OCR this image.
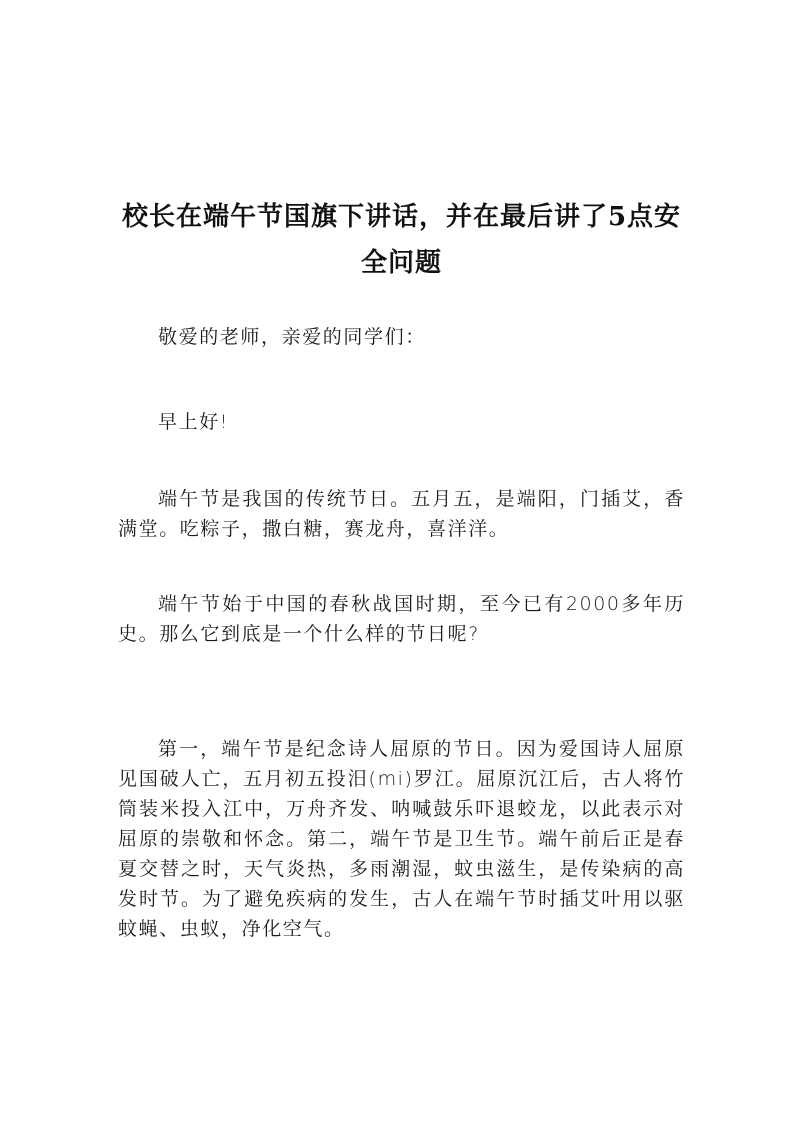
校长在端午节国旗下讲话，并在最后讲了5点安全问题

敬爱的老师，亲爱的同学们：

早上好!

端午节是我国的传统节日。五月五，是端阳，门插艾，香满堂。吃粽子，撒白糖，赛龙舟，喜洋洋。

端午节始于中国的春秋战国时期，至今已有2000多年历史。那么它到底是一个什么样的节日呢?

第一，端午节是纪念诗人屈原的节日。因为爱国诗人屈原见国破人亡，五月初五投汨(mi)罗江。屈原沉江后，古人将竹筒装米投入江中，万舟齐发、呐喊鼓乐吓退蛟龙，以此表示对屈原的崇敬和怀念。第二，端午节是卫生节。端午前后正是春夏交替之时，天气炎热，多雨潮湿，蚊虫滋生，是传染病的高发时节。为了避免疾病的发生，古人在端午节时插艾叶用以驱蚊蝇、虫蚁，净化空气。
